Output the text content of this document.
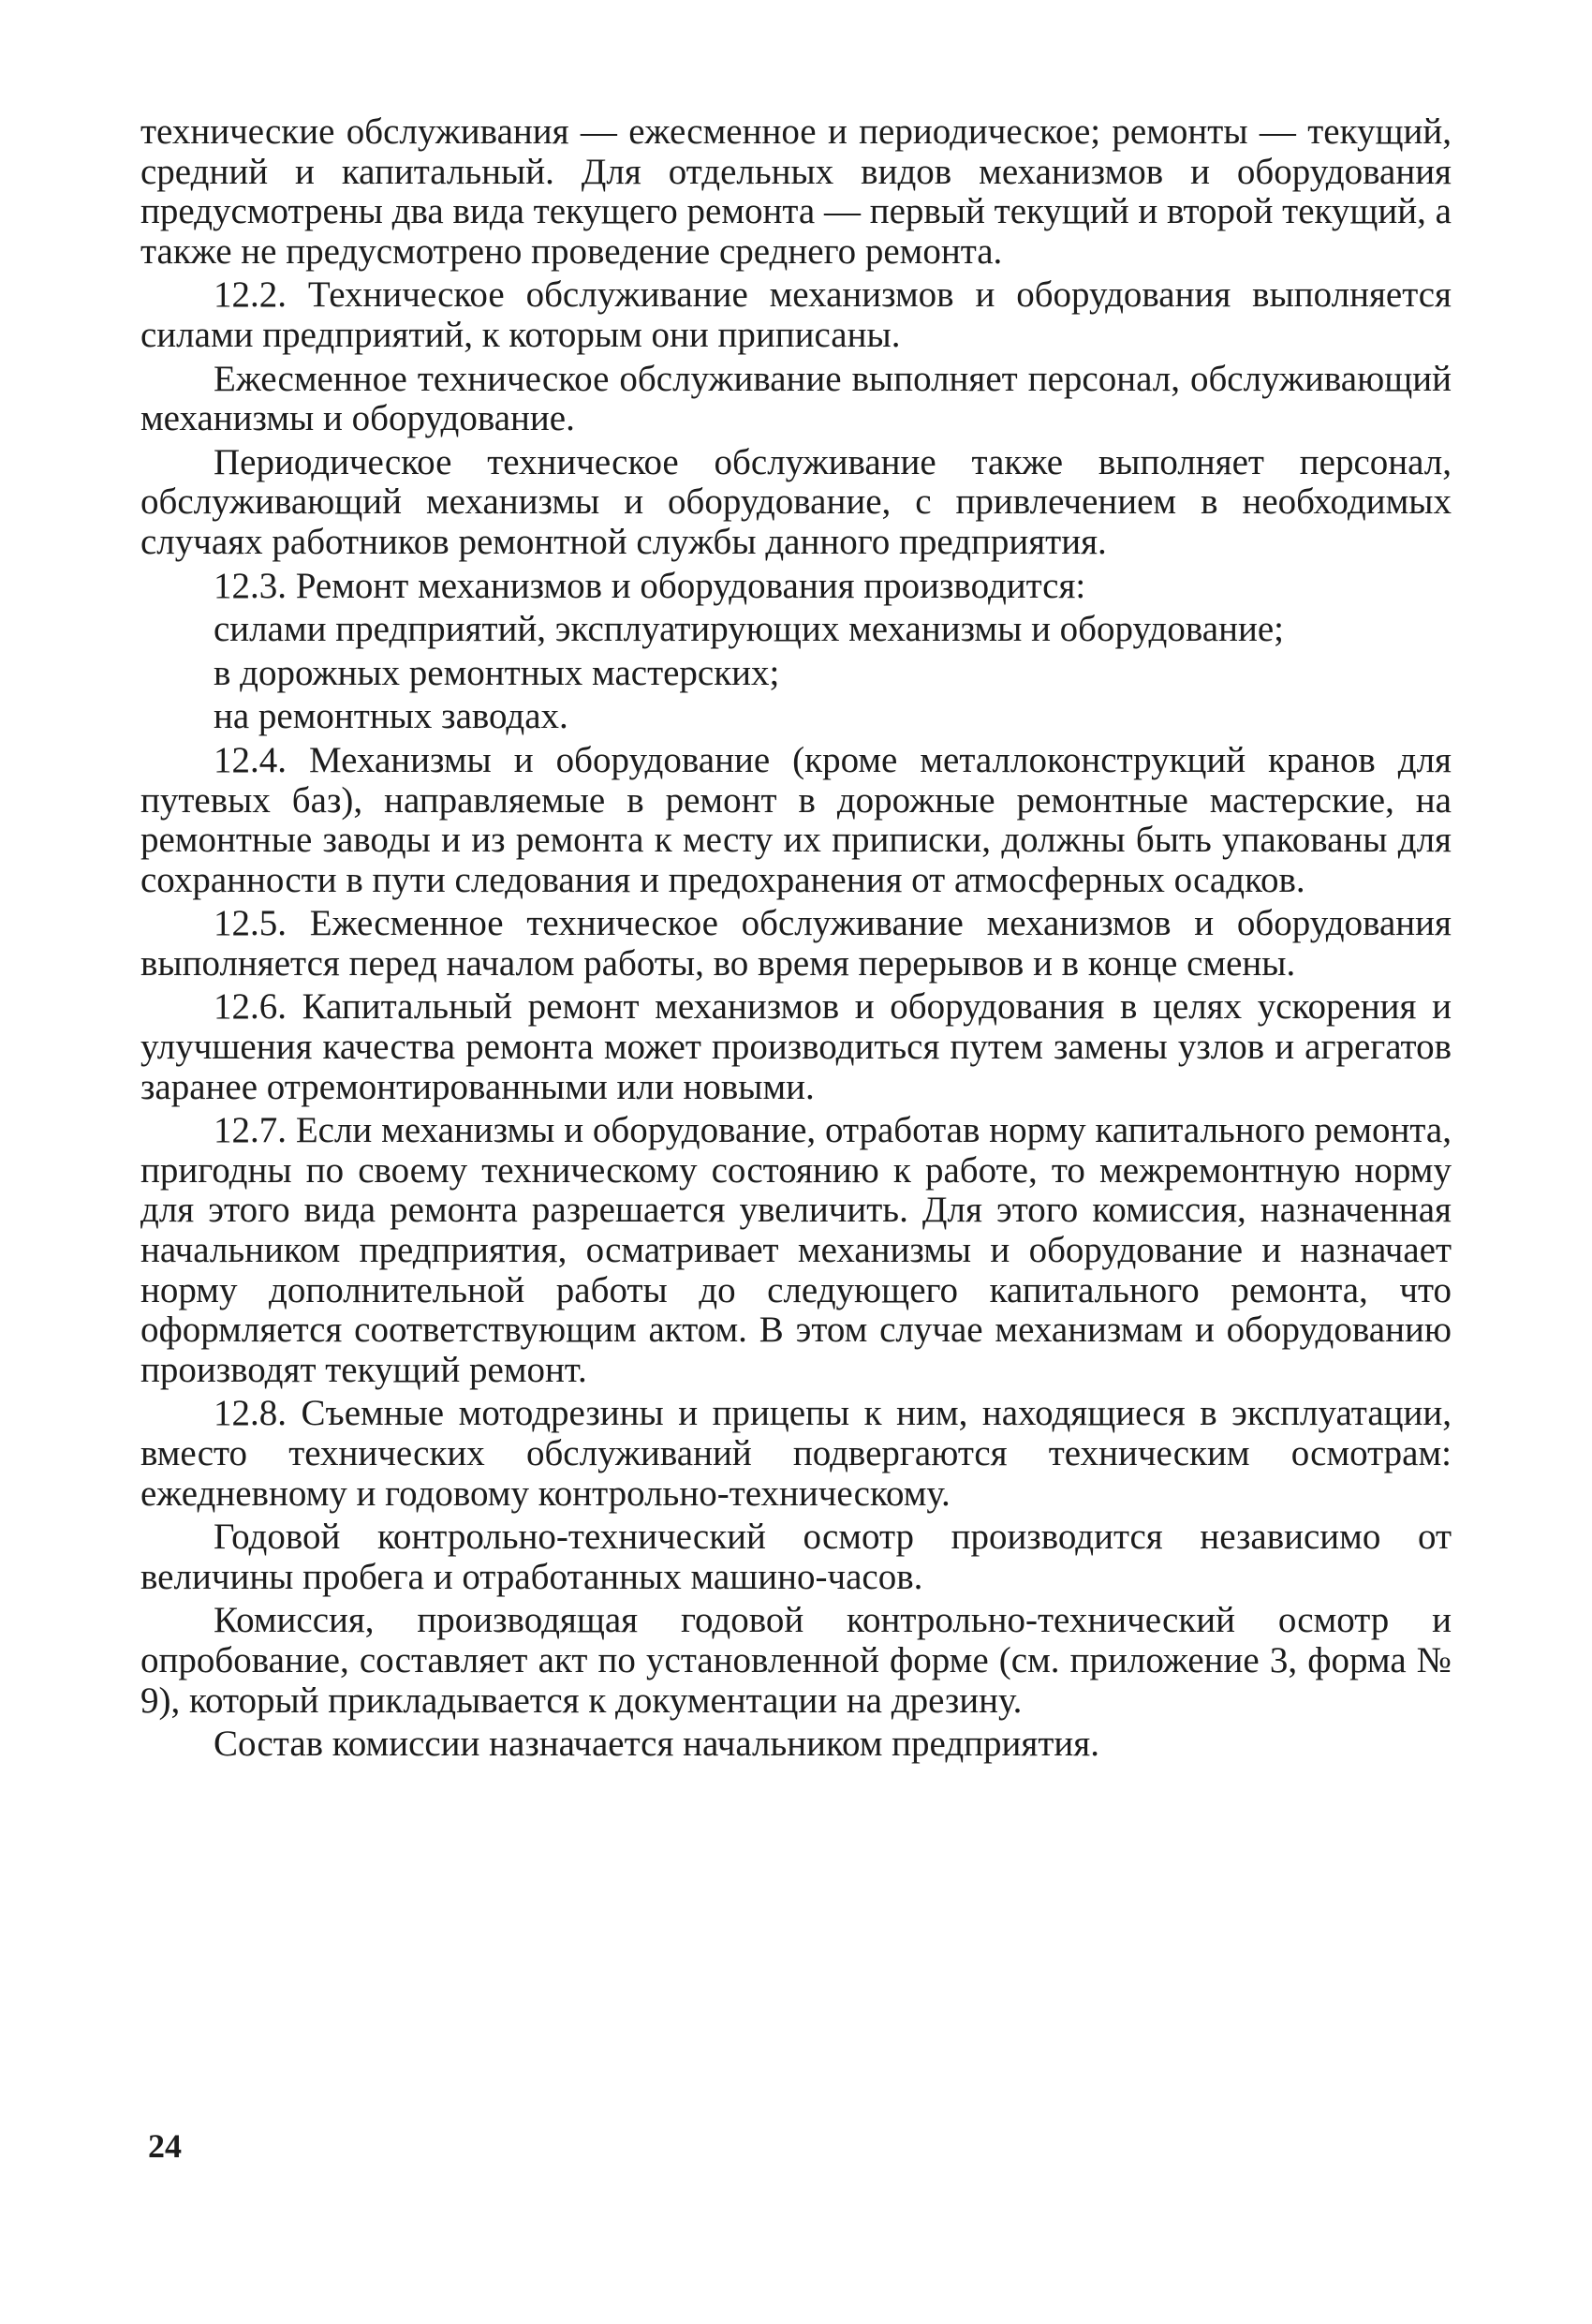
технические обслуживания — ежесменное и периодическое; ремонты — текущий, средний и капитальный. Для отдельных видов механизмов и оборудования предусмотрены два вида текущего ремонта — первый текущий и второй текущий, а также не предусмотрено проведение среднего ремонта.

12.2. Техническое обслуживание механизмов и оборудования выполняется силами предприятий, к которым они приписаны.

Ежесменное техническое обслуживание выполняет персонал, обслуживающий механизмы и оборудование.

Периодическое техническое обслуживание также выполняет персонал, обслуживающий механизмы и оборудование, с привлечением в необходимых случаях работников ремонтной службы данного предприятия.

12.3. Ремонт механизмов и оборудования производится:

силами предприятий, эксплуатирующих механизмы и оборудование;

в дорожных ремонтных мастерских;

на ремонтных заводах.

12.4. Механизмы и оборудование (кроме металлоконструкций кранов для путевых баз), направляемые в ремонт в дорожные ремонтные мастерские, на ремонтные заводы и из ремонта к месту их приписки, должны быть упакованы для сохранности в пути следования и предохранения от атмосферных осадков.

12.5. Ежесменное техническое обслуживание механизмов и оборудования выполняется перед началом работы, во время перерывов и в конце смены.

12.6. Капитальный ремонт механизмов и оборудования в целях ускорения и улучшения качества ремонта может производиться путем замены узлов и агрегатов заранее отремонтированными или новыми.

12.7. Если механизмы и оборудование, отработав норму капитального ремонта, пригодны по своему техническому состоянию к работе, то межремонтную норму для этого вида ремонта разрешается увеличить. Для этого комиссия, назначенная начальником предприятия, осматривает механизмы и оборудование и назначает норму дополнительной работы до следующего капитального ремонта, что оформляется соответствующим актом. В этом случае механизмам и оборудованию производят текущий ремонт.

12.8. Съемные мотодрезины и прицепы к ним, находящиеся в эксплуатации, вместо технических обслуживаний подвергаются техническим осмотрам: ежедневному и годовому контрольно-техническому.

Годовой контрольно-технический осмотр производится независимо от величины пробега и отработанных машино-часов.

Комиссия, производящая годовой контрольно-технический осмотр и опробование, составляет акт по установленной форме (см. приложение 3, форма № 9), который прикладывается к документации на дрезину.

Состав комиссии назначается начальником предприятия.

24
